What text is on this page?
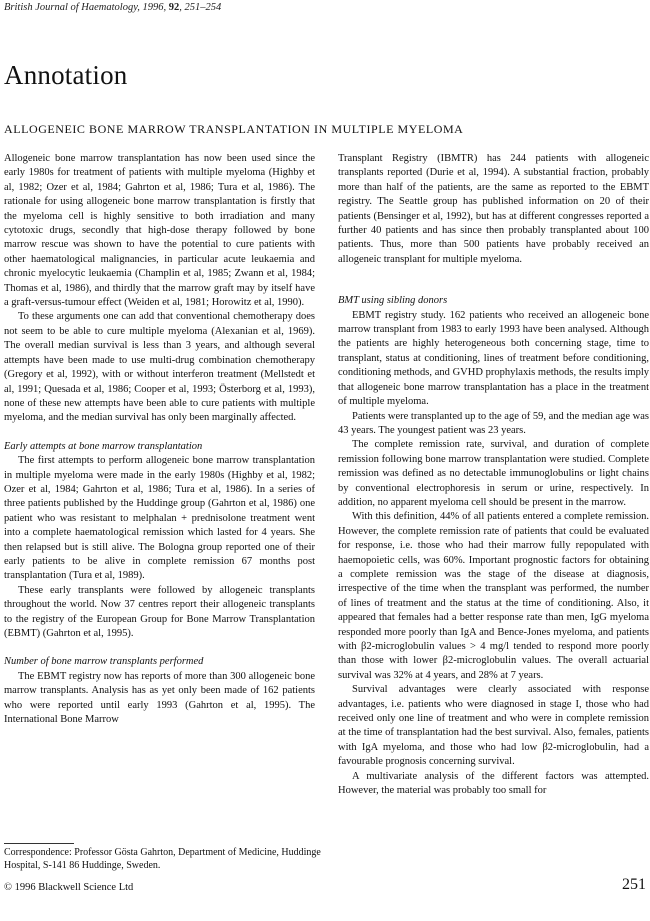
British Journal of Haematology, 1996, 92, 251–254
Annotation
ALLOGENEIC BONE MARROW TRANSPLANTATION IN MULTIPLE MYELOMA

Allogeneic bone marrow transplantation has now been used since the early 1980s for treatment of patients with multiple myeloma (Highby et al, 1982; Ozer et al, 1984; Gahrton et al, 1986; Tura et al, 1986). The rationale for using allogeneic bone marrow transplantation is firstly that the myeloma cell is highly sensitive to both irradiation and many cytotoxic drugs, secondly that high-dose therapy followed by bone marrow rescue was shown to have the potential to cure patients with other haematological malignancies, in particular acute leukaemia and chronic myelocytic leukaemia (Champlin et al, 1985; Zwann et al, 1984; Thomas et al, 1986), and thirdly that the marrow graft may by itself have a graft-versus-tumour effect (Weiden et al, 1981; Horowitz et al, 1990).

To these arguments one can add that conventional chemotherapy does not seem to be able to cure multiple myeloma (Alexanian et al, 1969). The overall median survival is less than 3 years, and although several attempts have been made to use multi-drug combination chemotherapy (Gregory et al, 1992), with or without interferon treatment (Mellstedt et al, 1991; Quesada et al, 1986; Cooper et al, 1993; Österborg et al, 1993), none of these new attempts have been able to cure patients with multiple myeloma, and the median survival has only been marginally affected.

Early attempts at bone marrow transplantation

The first attempts to perform allogeneic bone marrow transplantation in multiple myeloma were made in the early 1980s (Highby et al, 1982; Ozer et al, 1984; Gahrton et al, 1986; Tura et al, 1986). In a series of three patients published by the Huddinge group (Gahrton et al, 1986) one patient who was resistant to melphalan + prednisolone treatment went into a complete haematological remission which lasted for 4 years. She then relapsed but is still alive. The Bologna group reported one of their early patients to be alive in complete remission 67 months post transplantation (Tura et al, 1989).

These early transplants were followed by allogeneic transplants throughout the world. Now 37 centres report their allogeneic transplants to the registry of the European Group for Bone Marrow Transplantation (EBMT) (Gahrton et al, 1995).

Number of bone marrow transplants performed

The EBMT registry now has reports of more than 300 allogeneic bone marrow transplants. Analysis has as yet only been made of 162 patients who were reported until early 1993 (Gahrton et al, 1995). The International Bone Marrow

Transplant Registry (IBMTR) has 244 patients with allogeneic transplants reported (Durie et al, 1994). A substantial fraction, probably more than half of the patients, are the same as reported to the EBMT registry. The Seattle group has published information on 20 of their patients (Bensinger et al, 1992), but has at different congresses reported a further 40 patients and has since then probably transplanted about 100 patients. Thus, more than 500 patients have probably received an allogeneic transplant for multiple myeloma.

BMT using sibling donors

EBMT registry study. 162 patients who received an allogeneic bone marrow transplant from 1983 to early 1993 have been analysed. Although the patients are highly heterogeneous both concerning stage, time to transplant, status at conditioning, lines of treatment before conditioning, conditioning methods, and GVHD prophylaxis methods, the results imply that allogeneic bone marrow transplantation has a place in the treatment of multiple myeloma.

Patients were transplanted up to the age of 59, and the median age was 43 years. The youngest patient was 23 years.

The complete remission rate, survival, and duration of complete remission following bone marrow transplantation were studied. Complete remission was defined as no detectable immunoglobulins or light chains by conventional electrophoresis in serum or urine, respectively. In addition, no apparent myeloma cell should be present in the marrow.

With this definition, 44% of all patients entered a complete remission. However, the complete remission rate of patients that could be evaluated for response, i.e. those who had their marrow fully repopulated with haemopoietic cells, was 60%. Important prognostic factors for obtaining a complete remission was the stage of the disease at diagnosis, irrespective of the time when the transplant was performed, the number of lines of treatment and the status at the time of conditioning. Also, it appeared that females had a better response rate than men, IgG myeloma responded more poorly than IgA and Bence-Jones myeloma, and patients with β2-microglobulin values > 4 mg/l tended to respond more poorly than those with lower β2-microglobulin values. The overall actuarial survival was 32% at 4 years, and 28% at 7 years.

Survival advantages were clearly associated with response advantages, i.e. patients who were diagnosed in stage I, those who had received only one line of treatment and who were in complete remission at the time of transplantation had the best survival. Also, females, patients with IgA myeloma, and those who had low β2-microglobulin, had a favourable prognosis concerning survival.

A multivariate analysis of the different factors was attempted. However, the material was probably too small for

Correspondence: Professor Gösta Gahrton, Department of Medicine, Huddinge Hospital, S-141 86 Huddinge, Sweden.
© 1996 Blackwell Science Ltd	251
